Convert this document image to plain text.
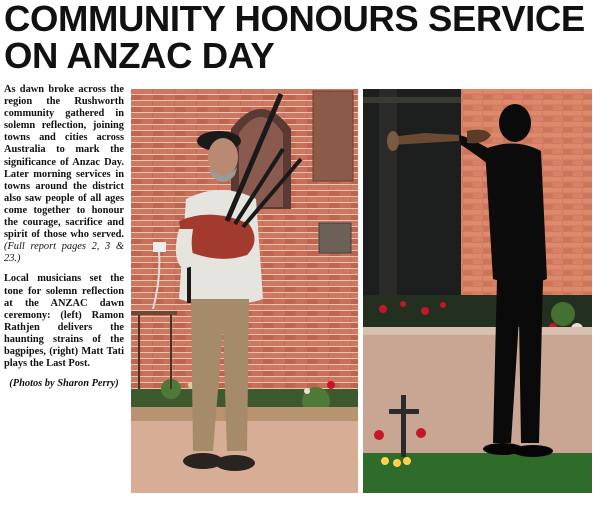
COMMUNITY HONOURS SERVICE
ON ANZAC DAY

As dawn broke across the region the Rushworth community gathered in solemn reflection, joining towns and cities across Australia to mark the significance of Anzac Day. Later morning services in towns around the district also saw people of all ages come together to honour the courage, sacrifice and spirit of those who served. (Full report pages 2, 3 & 23.)

Local musicians set the tone for solemn reflection at the ANZAC dawn ceremony: (left) Ramon Rathjen delivers the haunting strains of the bagpipes, (right) Matt Tati plays the Last Post.

(Photos by Sharon Perry)
